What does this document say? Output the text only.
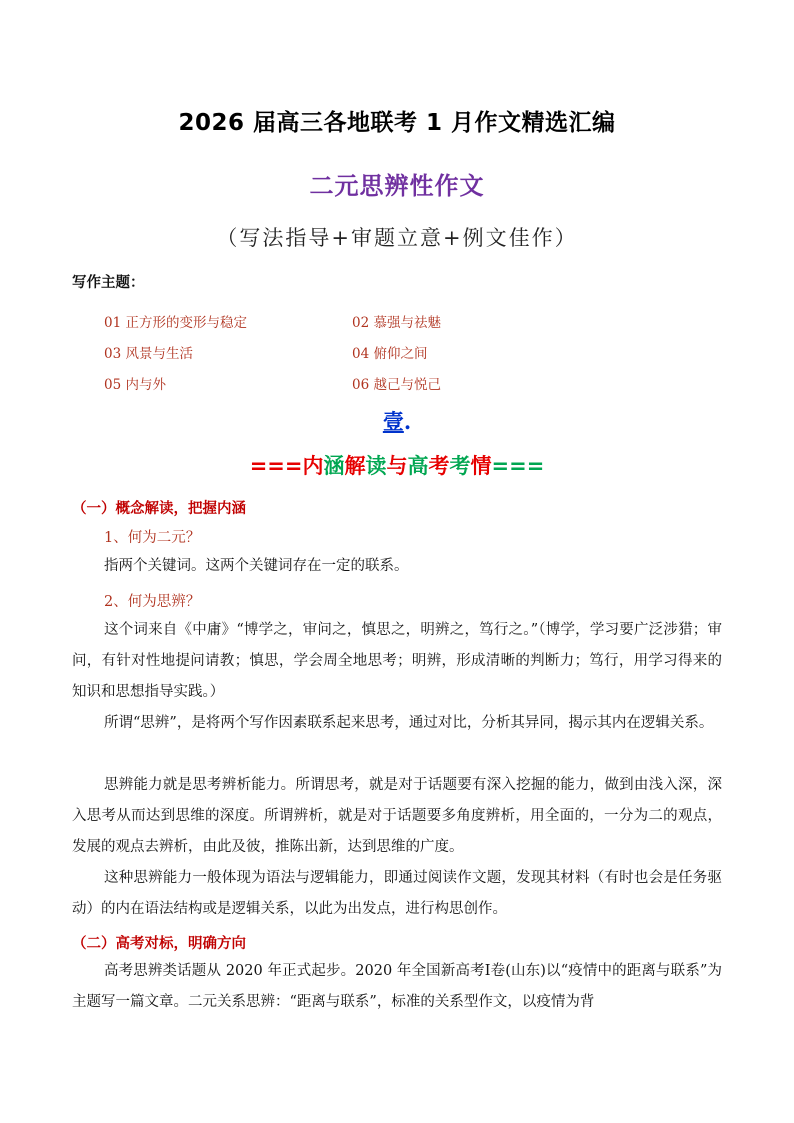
2026 届高三各地联考 1 月作文精选汇编
二元思辨性作文
（写法指导+审题立意+例文佳作）
写作主题：
01 正方形的变形与稳定	02 慕强与祛魅
03 风景与生活	04 俯仰之间
05 内与外	06 越己与悦己
壹.
===内涵解读与高考考情===
（一）概念解读，把握内涵
1、何为二元？

指两个关键词。这两个关键词存在一定的联系。

2、何为思辨？

这个词来自《中庸》“博学之，审问之，慎思之，明辨之，笃行之。”（博学，学习要广泛涉猎；审问，有针对性地提问请教；慎思，学会周全地思考；明辨，形成清晰的判断力；笃行，用学习得来的知识和思想指导实践。）

所谓“思辨”，是将两个写作因素联系起来思考，通过对比，分析其异同，揭示其内在逻辑关系。

思辨能力就是思考辨析能力。所谓思考，就是对于话题要有深入挖掘的能力，做到由浅入深，深入思考从而达到思维的深度。所谓辨析，就是对于话题要多角度辨析，用全面的，一分为二的观点，发展的观点去辨析，由此及彼，推陈出新，达到思维的广度。

这种思辨能力一般体现为语法与逻辑能力，即通过阅读作文题，发现其材料（有时也会是任务驱动）的内在语法结构或是逻辑关系，以此为出发点，进行构思创作。

（二）高考对标，明确方向

高考思辨类话题从 2020 年正式起步。2020 年全国新高考Ⅰ卷(山东)以“疫情中的距离与联系”为主题写一篇文章。二元关系思辨：“距离与联系”，标准的关系型作文，以疫情为背
